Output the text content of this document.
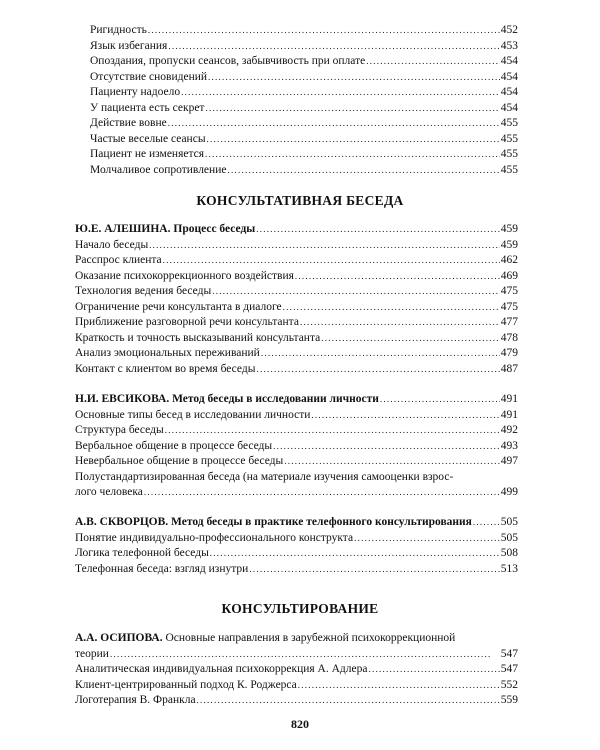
Ригидность . . .	452
Язык избегания . . .	453
Опоздания, пропуски сеансов, забывчивость при оплате . . .	454
Отсутствие сновидений . . .	454
Пациенту надоело . . .	454
У пациента есть секрет . . .	454
Действие вовне . . .	455
Частые веселые сеансы . . .	455
Пациент не изменяется . . .	455
Молчаливое сопротивление . . .	455
КОНСУЛЬТАТИВНАЯ БЕСЕДА
Ю.Е. АЛЕШИНА. Процесс беседы . . .	459
Начало беседы . . .	459
Расспрос клиента . . .	462
Оказание психокоррекционного воздействия . . .	469
Технология ведения беседы . . .	475
Ограничение речи консультанта в диалоге . . .	475
Приближение разговорной речи консультанта . . .	477
Краткость и точность высказываний консультанта . . .	478
Анализ эмоциональных переживаний . . .	479
Контакт с клиентом во время беседы . . .	487
Н.И. ЕВСИКОВА. Метод беседы в исследовании личности . . .	491
Основные типы бесед в исследовании личности . . .	491
Структура беседы . . .	492
Вербальное общение в процессе беседы . . .	493
Невербальное общение в процессе беседы . . .	497
Полустандартизированная беседа (на материале изучения самооценки взрос-
лого человека . . .	499
А.В. СКВОРЦОВ. Метод беседы в практике телефонного консультирования . . .	505
Понятие индивидуально-профессионального конструкта . . .	505
Логика телефонной беседы . . .	508
Телефонная беседа: взгляд изнутри . . .	513
КОНСУЛЬТИРОВАНИЕ
А.А. ОСИПОВА. Основные направления в зарубежной психокоррекционной
теории . . .	547
Аналитическая индивидуальная психокоррекция А. Адлера . . .	547
Клиент-центрированный подход К. Роджерса . . .	552
Логотерапия В. Франкла . . .	559
820
